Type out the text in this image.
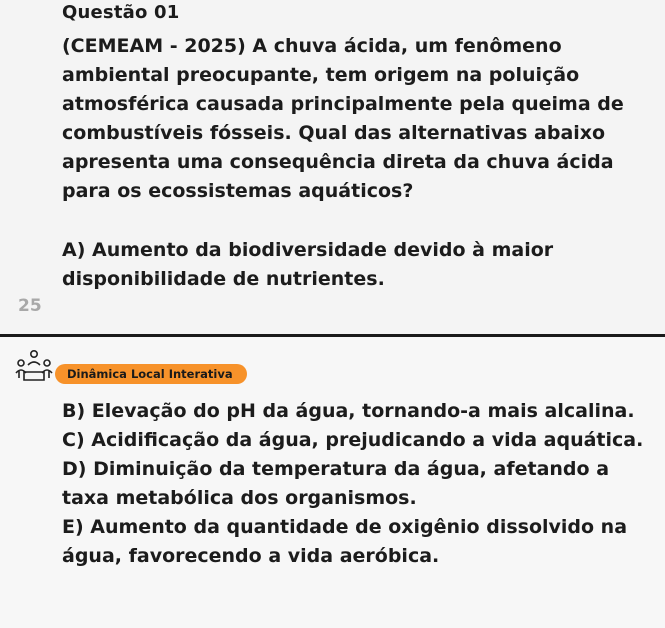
Questão 01
(CEMEAM - 2025) A chuva ácida, um fenômeno ambiental preocupante, tem origem na poluição atmosférica causada principalmente pela queima de combustíveis fósseis. Qual das alternativas abaixo apresenta uma consequência direta da chuva ácida para os ecossistemas aquáticos?
A) Aumento da biodiversidade devido à maior disponibilidade de nutrientes.
25
Dinâmica Local Interativa
B) Elevação do pH da água, tornando-a mais alcalina.
C) Acidificação da água, prejudicando a vida aquática.
D) Diminuição da temperatura da água, afetando a taxa metabólica dos organismos.
E) Aumento da quantidade de oxigênio dissolvido na água, favorecendo a vida aeróbica.
